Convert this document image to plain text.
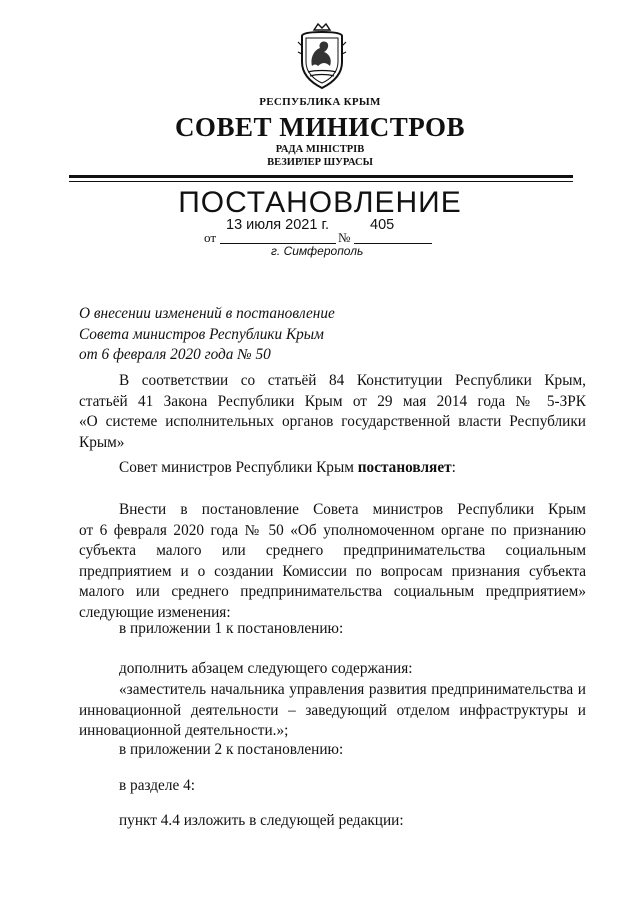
РЕСПУБЛИКА КРЫМ
СОВЕТ МИНИСТРОВ
РАДА МІНІСТРІВ
ВЕЗИРЛЕР ШУРАСЫ
ПОСТАНОВЛЕНИЕ
13 июля 2021 г.	405
от	№
г. Симферополь
О внесении изменений в постановление
Совета министров Республики Крым
от 6 февраля 2020 года № 50
В соответствии со статьёй 84 Конституции Республики Крым,
статьёй 41 Закона Республики Крым от 29 мая 2014 года № 5-ЗРК
«О системе исполнительных органов государственной власти Республики
Крым»
Совет министров Республики Крым постановляет:
Внести в постановление Совета министров Республики Крым
от 6 февраля 2020 года № 50 «Об уполномоченном органе по признанию
субъекта малого или среднего предпринимательства социальным
предприятием и о создании Комиссии по вопросам признания субъекта
малого или среднего предпринимательства социальным предприятием»
следующие изменения:
в приложении 1 к постановлению:
дополнить абзацем следующего содержания:
«заместитель начальника управления развития предпринимательства и
инновационной деятельности – заведующий отделом инфраструктуры и
инновационной деятельности.»;
в приложении 2 к постановлению:
в разделе 4:
пункт 4.4 изложить в следующей редакции:
